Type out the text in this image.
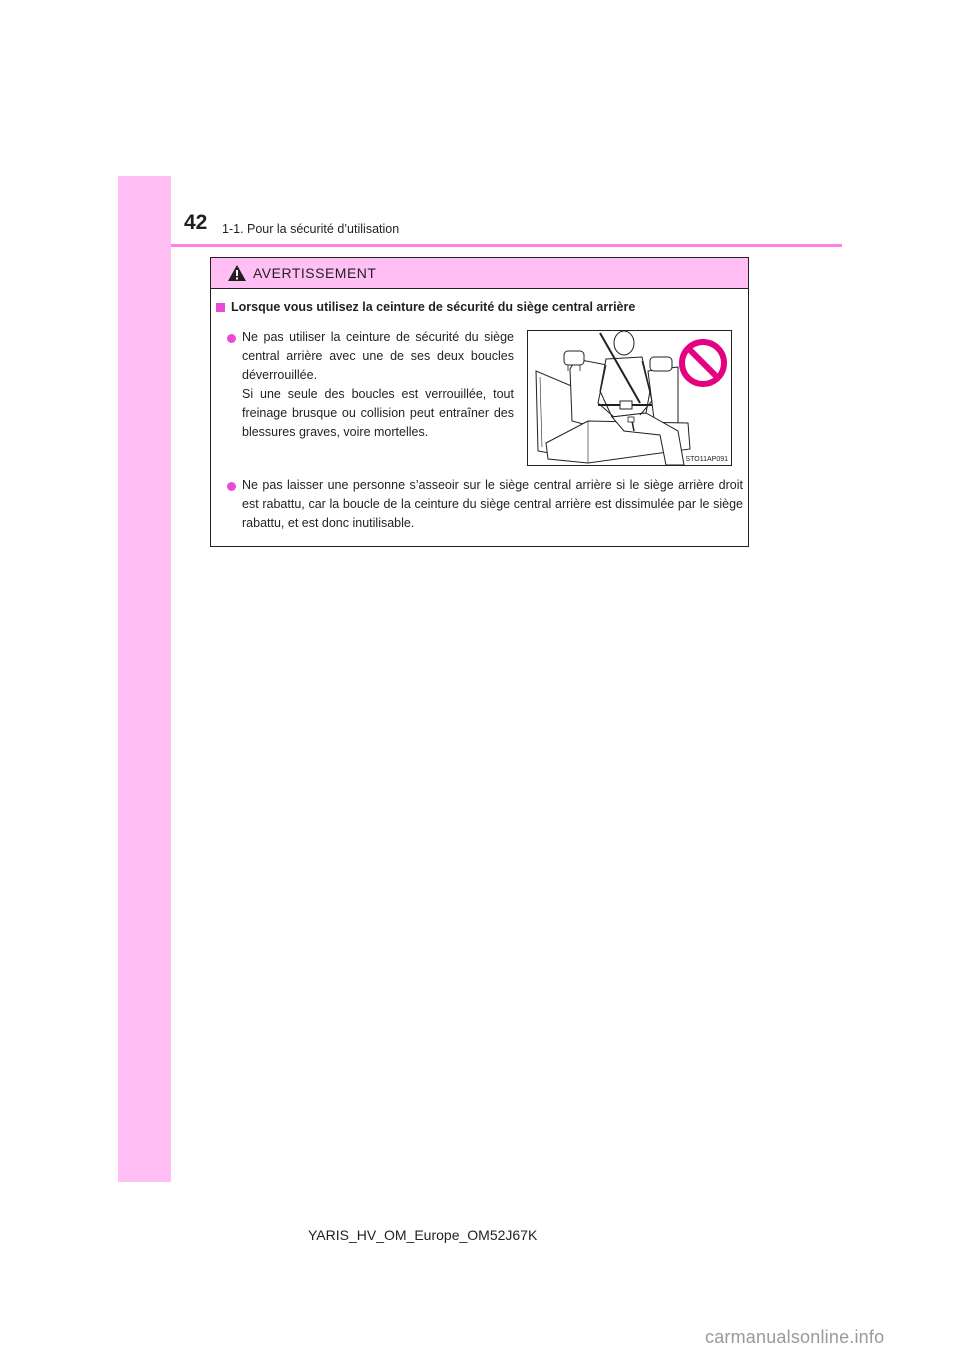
42 1-1. Pour la sécurité d’utilisation
AVERTISSEMENT
Lorsque vous utilisez la ceinture de sécurité du siège central arrière
Ne pas utiliser la ceinture de sécurité du siège central arrière avec une de ses deux boucles déverrouillée.
Si une seule des boucles est verrouillée, tout freinage brusque ou collision peut entraîner des blessures graves, voire mortelles.
STO11AP091
Ne pas laisser une personne s’asseoir sur le siège central arrière si le siège arrière droit est rabattu, car la boucle de la ceinture du siège central arrière est dissimulée par le siège rabattu, et est donc inutilisable.
YARIS_HV_OM_Europe_OM52J67K
carmanualsonline.info
